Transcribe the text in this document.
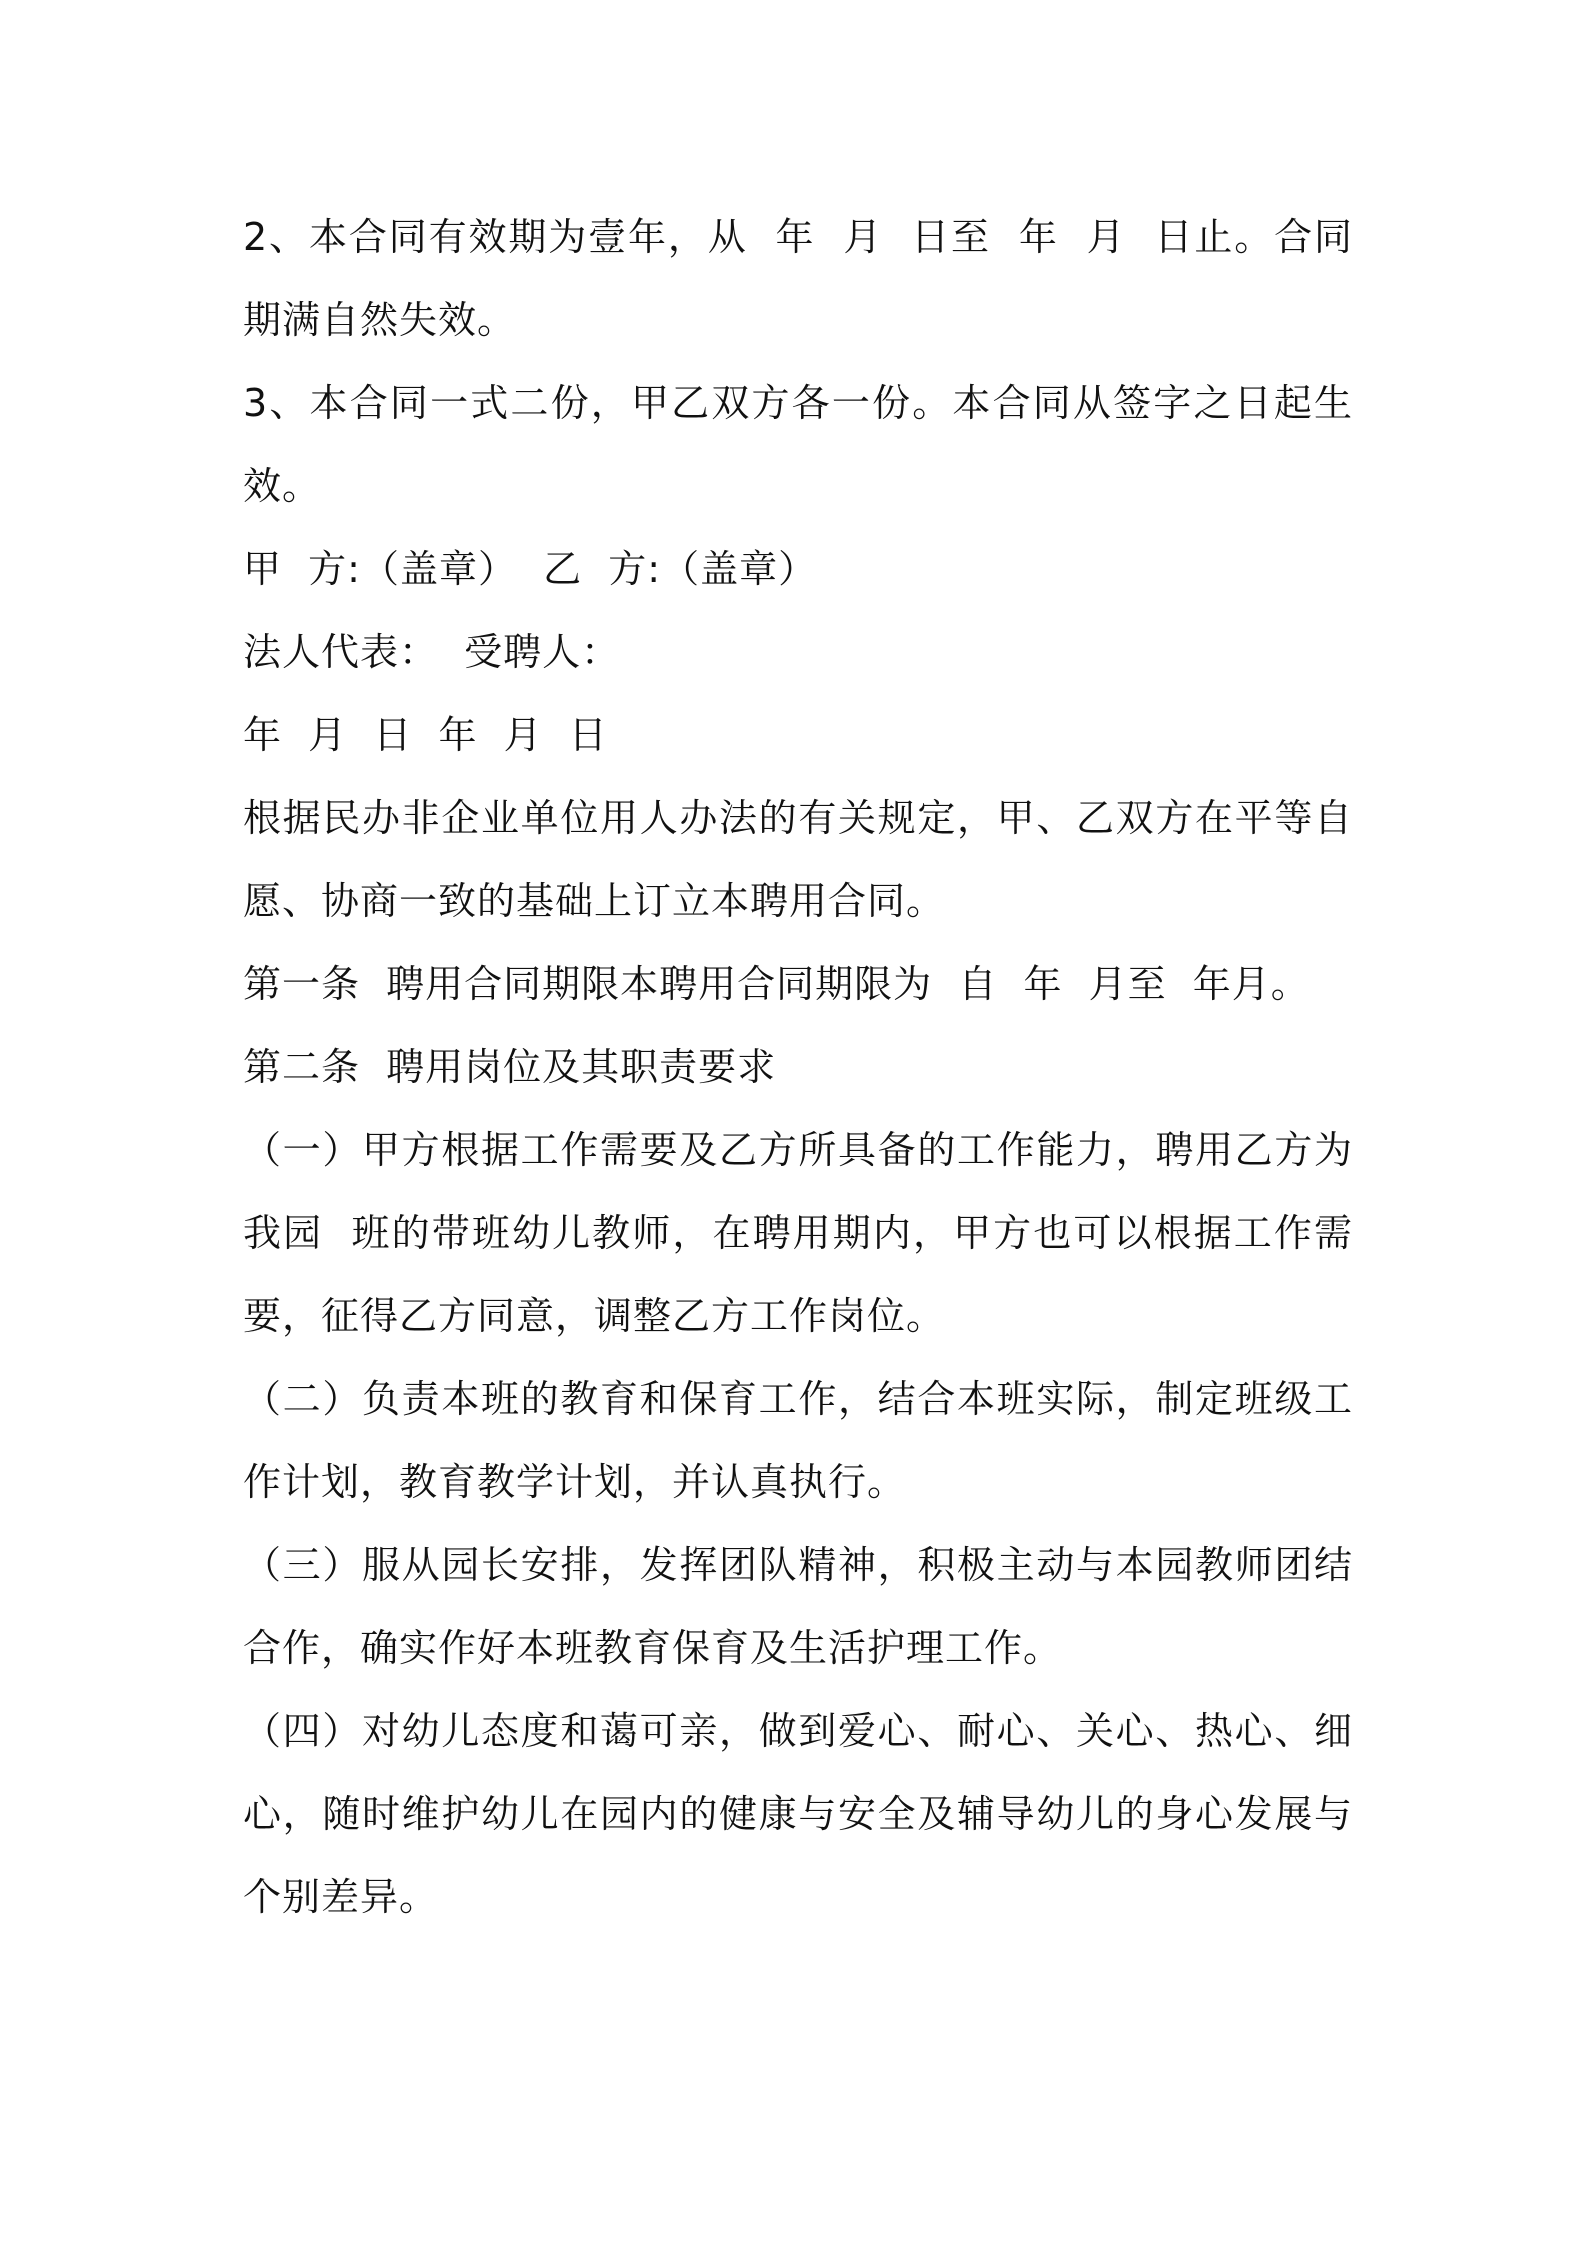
2、本合同有效期为壹年，从  年  月  日至  年  月  日止。合同期满自然失效。

3、本合同一式二份，甲乙双方各一份。本合同从签字之日起生效。

甲  方:（盖章）  乙  方:（盖章）

法人代表：  受聘人：

年  月  日  年  月  日

根据民办非企业单位用人办法的有关规定，甲、乙双方在平等自愿、协商一致的基础上订立本聘用合同。

第一条  聘用合同期限本聘用合同期限为  自  年  月至  年月。

第二条  聘用岗位及其职责要求

（一）甲方根据工作需要及乙方所具备的工作能力，聘用乙方为  我园  班的带班幼儿教师，在聘用期内，甲方也可以根据工作需要，征得乙方同意，调整乙方工作岗位。

（二）负责本班的教育和保育工作，结合本班实际，制定班级工作计划，教育教学计划，并认真执行。

（三）服从园长安排，发挥团队精神，积极主动与本园教师团结合作，确实作好本班教育保育及生活护理工作。

（四）对幼儿态度和蔼可亲，做到爱心、耐心、关心、热心、细心，随时维护幼儿在园内的健康与安全及辅导幼儿的身心发展与个别差异。
